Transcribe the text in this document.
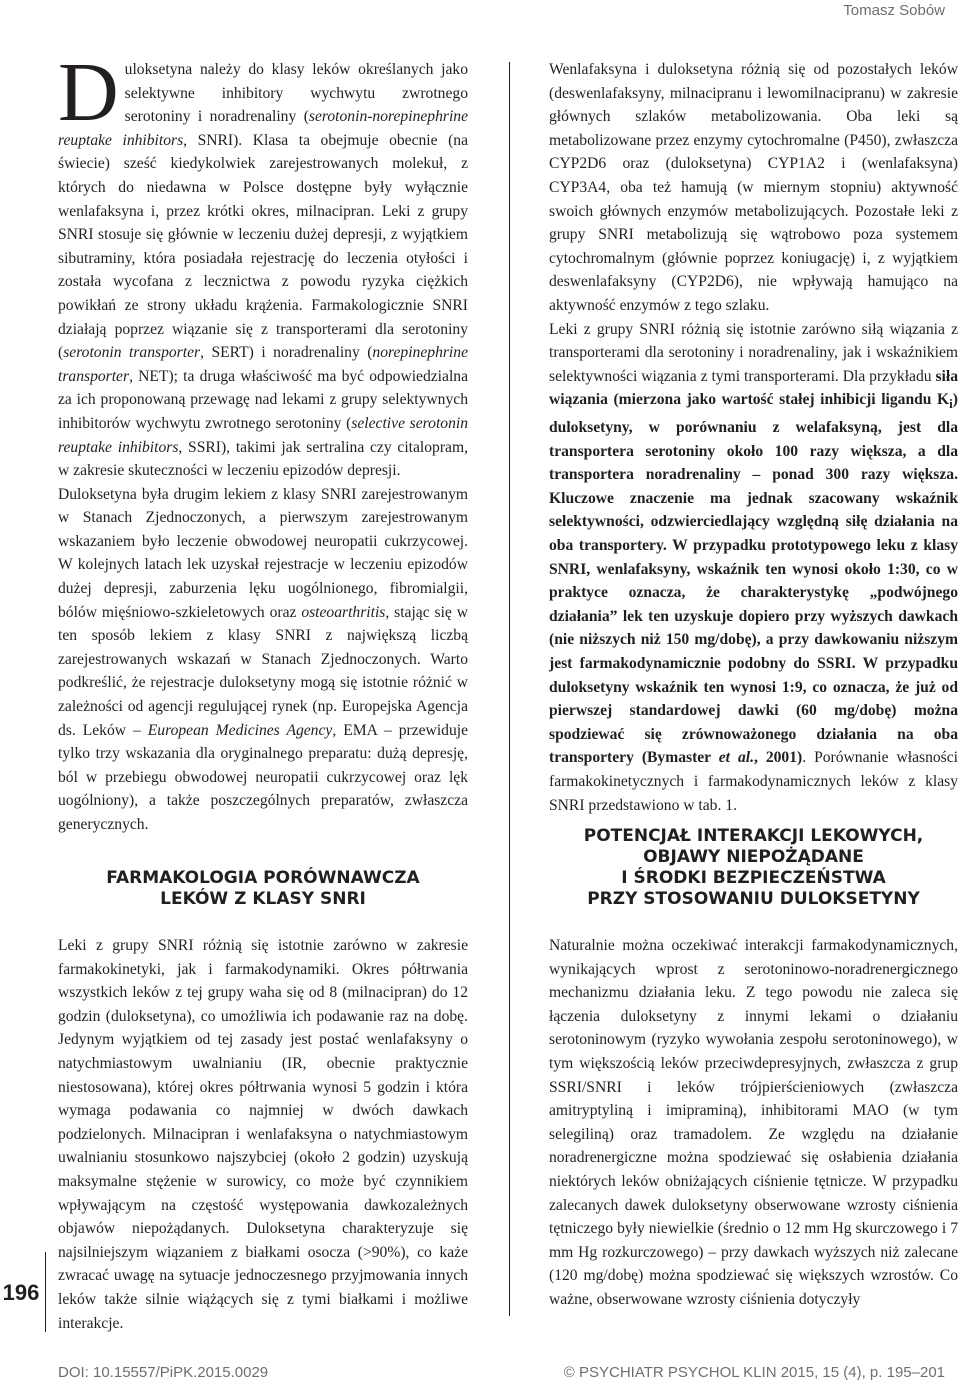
Tomasz Sobów

Duloksetyna należy do klasy leków określanych jako selektywne inhibitory wychwytu zwrotnego serotoniny i noradrenaliny (serotonin-norepinephrine reuptake inhibitors, SNRI). Klasa ta obejmuje obecnie (na świecie) sześć kiedykolwiek zarejestrowanych molekuł, z których do niedawna w Polsce dostępne były wyłącznie wenlafaksyna i, przez krótki okres, milnacipran. Leki z grupy SNRI stosuje się głównie w leczeniu dużej depresji, z wyjątkiem sibutraminy, która posiadała rejestrację do leczenia otyłości i została wycofana z lecznictwa z powodu ryzyka ciężkich powikłań ze strony układu krążenia. Farmakologicznie SNRI działają poprzez wiązanie się z transporterami dla serotoniny (serotonin transporter, SERT) i noradrenaliny (norepinephrine transporter, NET); ta druga właściwość ma być odpowiedzialna za ich proponowaną przewagę nad lekami z grupy selektywnych inhibitorów wychwytu zwrotnego serotoniny (selective serotonin reuptake inhibitors, SSRI), takimi jak sertralina czy citalopram, w zakresie skuteczności w leczeniu epizodów depresji.

Duloksetyna była drugim lekiem z klasy SNRI zarejestrowanym w Stanach Zjednoczonych, a pierwszym zarejestrowanym wskazaniem było leczenie obwodowej neuropatii cukrzycowej. W kolejnych latach lek uzyskał rejestracje w leczeniu epizodów dużej depresji, zaburzenia lęku uogólnionego, fibromialgii, bólów mięśniowo-szkieletowych oraz osteoarthritis, stając się w ten sposób lekiem z klasy SNRI z największą liczbą zarejestrowanych wskazań w Stanach Zjednoczonych. Warto podkreślić, że rejestracje duloksetyny mogą się istotnie różnić w zależności od agencji regulującej rynek (np. Europejska Agencja ds. Leków – European Medicines Agency, EMA – przewiduje tylko trzy wskazania dla oryginalnego preparatu: dużą depresję, ból w przebiegu obwodowej neuropatii cukrzycowej oraz lęk uogólniony), a także poszczególnych preparatów, zwłaszcza generycznych.

FARMAKOLOGIA PORÓWNAWCZA
LEKÓW Z KLASY SNRI

Leki z grupy SNRI różnią się istotnie zarówno w zakresie farmakokinetyki, jak i farmakodynamiki. Okres półtrwania wszystkich leków z tej grupy waha się od 8 (milnacipran) do 12 godzin (duloksetyna), co umożliwia ich podawanie raz na dobę. Jedynym wyjątkiem od tej zasady jest postać wenlafaksyny o natychmiastowym uwalnianiu (IR, obecnie praktycznie niestosowana), której okres półtrwania wynosi 5 godzin i która wymaga podawania co najmniej w dwóch dawkach podzielonych. Milnacipran i wenlafaksyna o natychmiastowym uwalnianiu stosunkowo najszybciej (około 2 godzin) uzyskują maksymalne stężenie w surowicy, co może być czynnikiem wpływającym na częstość występowania dawkozależnych objawów niepożądanych. Duloksetyna charakteryzuje się najsilniejszym wiązaniem z białkami osocza (>90%), co każe zwracać uwagę na sytuacje jednoczesnego przyjmowania innych leków także silnie wiążących się z tymi białkami i możliwe interakcje.

Wenlafaksyna i duloksetyna różnią się od pozostałych leków (deswenlafaksyny, milnacipranu i lewomilnacipranu) w zakresie głównych szlaków metabolizowania. Oba leki są metabolizowane przez enzymy cytochromalne (P450), zwłaszcza CYP2D6 oraz (duloksetyna) CYP1A2 i (wenlafaksyna) CYP3A4, oba też hamują (w miernym stopniu) aktywność swoich głównych enzymów metabolizujących. Pozostałe leki z grupy SNRI metabolizują się wątrobowo poza systemem cytochromalnym (głównie poprzez koniugację) i, z wyjątkiem deswenlafaksyny (CYP2D6), nie wpływają hamująco na aktywność enzymów z tego szlaku.

Leki z grupy SNRI różnią się istotnie zarówno siłą wiązania z transporterami dla serotoniny i noradrenaliny, jak i wskaźnikiem selektywności wiązania z tymi transporterami. Dla przykładu siła wiązania (mierzona jako wartość stałej inhibicji ligandu $K_i$) duloksetyny, w porównaniu z welafaksyną, jest dla transportera serotoniny około 100 razy większa, a dla transportera noradrenaliny – ponad 300 razy większa. Kluczowe znaczenie ma jednak szacowany wskaźnik selektywności, odzwierciedlający względną siłę działania na oba transportery. W przypadku prototypowego leku z klasy SNRI, wenlafaksyny, wskaźnik ten wynosi około 1:30, co w praktyce oznacza, że charakterystykę „podwójnego działania” lek ten uzyskuje dopiero przy wyższych dawkach (nie niższych niż 150 mg/dobę), a przy dawkowaniu niższym jest farmakodynamicznie podobny do SSRI. W przypadku duloksetyny wskaźnik ten wynosi 1:9, co oznacza, że już od pierwszej standardowej dawki (60 mg/dobę) można spodziewać się zrównoważonego działania na oba transportery (Bymaster et al., 2001). Porównanie własności farmakokinetycznych i farmakodynamicznych leków z klasy SNRI przedstawiono w tab. 1.

POTENCJAŁ INTERAKCJI LEKOWYCH,
OBJAWY NIEPOŻĄDANE
I ŚRODKI BEZPIECZEŃSTWA
PRZY STOSOWANIU DULOKSETYNY

Naturalnie można oczekiwać interakcji farmakodynamicznych, wynikających wprost z serotoninowo-noradrenergicznego mechanizmu działania leku. Z tego powodu nie zaleca się łączenia duloksetyny z innymi lekami o działaniu serotoninowym (ryzyko wywołania zespołu serotoninowego), w tym większością leków przeciwdepresyjnych, zwłaszcza z grup SSRI/SNRI i leków trójpierścieniowych (zwłaszcza amitryptyliną i imipraminą), inhibitorami MAO (w tym selegiliną) oraz tramadolem. Ze względu na działanie noradrenergiczne można spodziewać się osłabienia działania niektórych leków obniżających ciśnienie tętnicze. W przypadku zalecanych dawek duloksetyny obserwowane wzrosty ciśnienia tętniczego były niewielkie (średnio o 12 mm Hg skurczowego i 7 mm Hg rozkurczowego) – przy dawkach wyższych niż zalecane (120 mg/dobę) można spodziewać się większych wzrostów. Co ważne, obserwowane wzrosty ciśnienia dotyczyły

196
DOI: 10.15557/PiPK.2015.0029	© PSYCHIATR PSYCHOL KLIN 2015, 15 (4), p. 195–201
